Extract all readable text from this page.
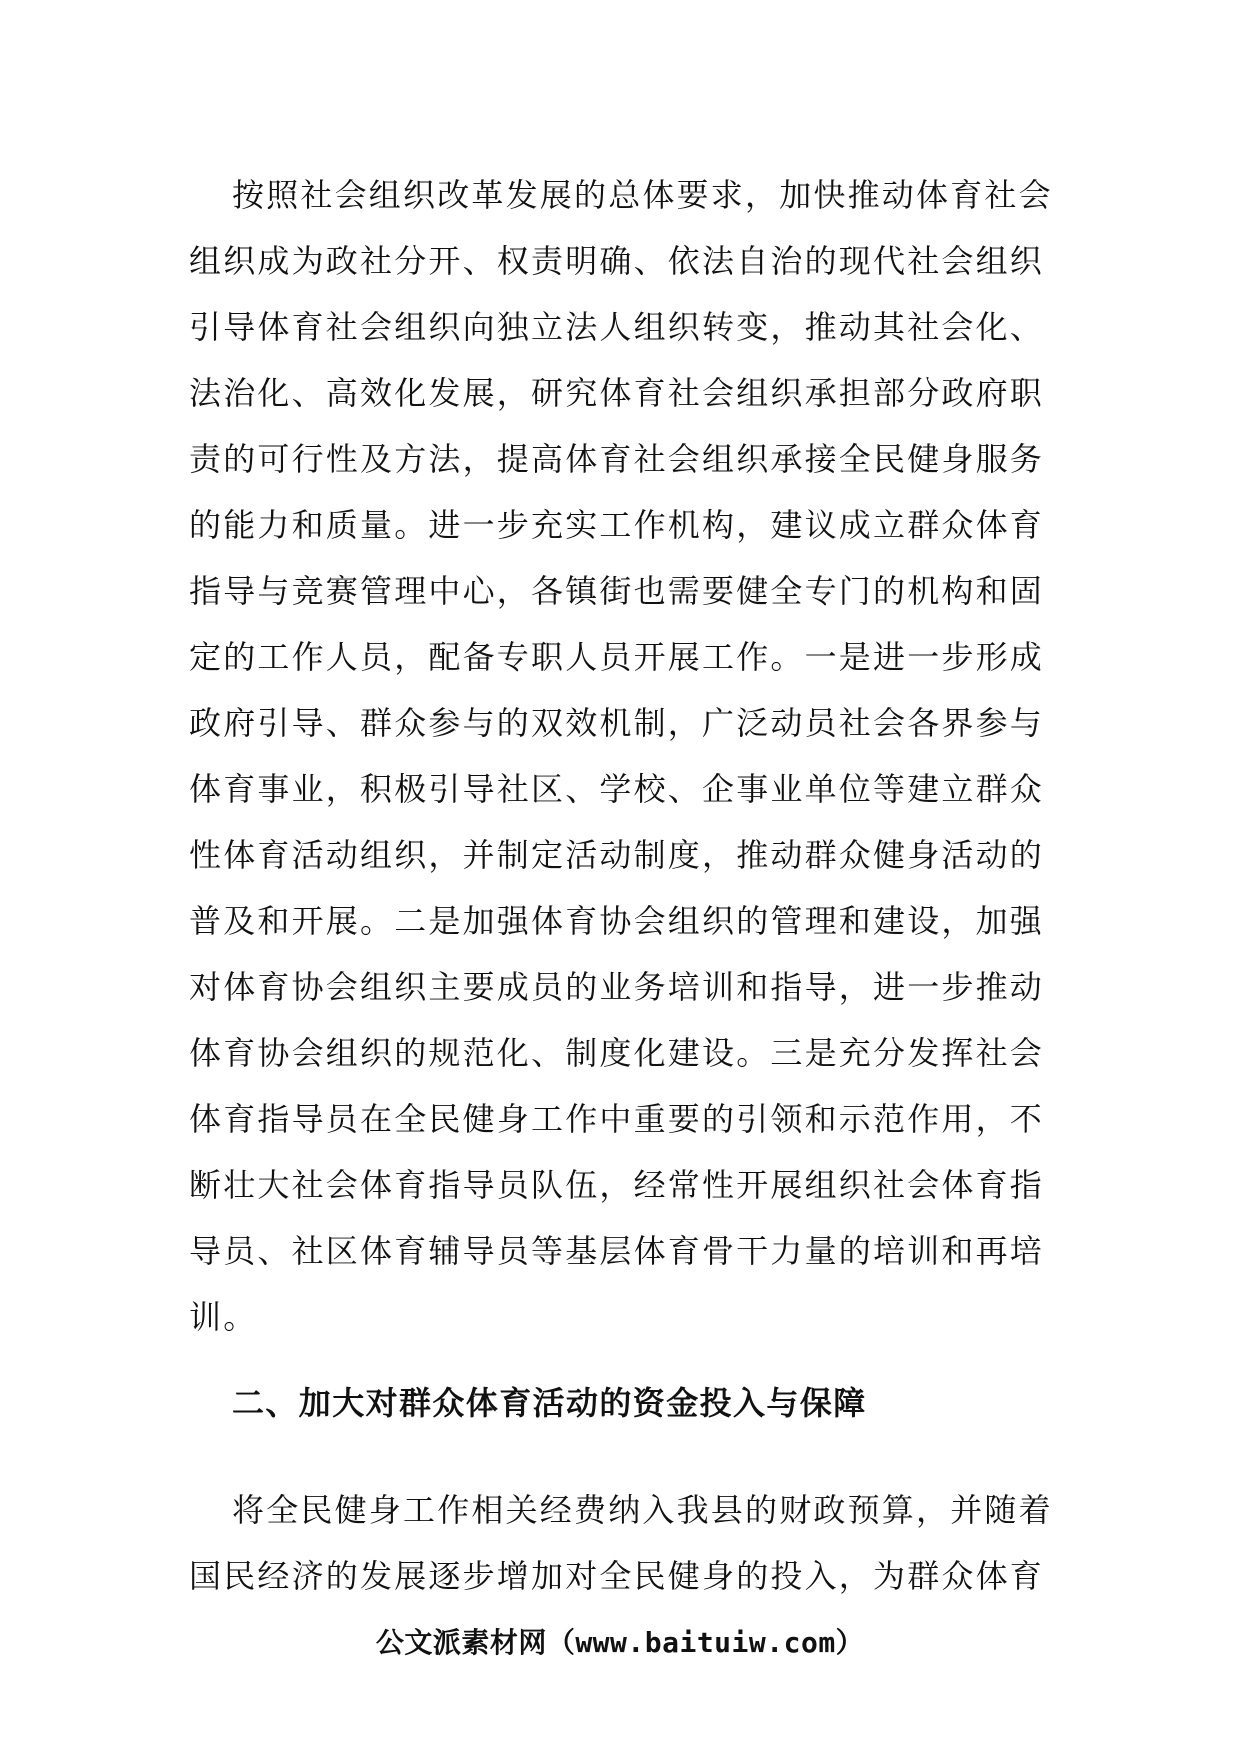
按照社会组织改革发展的总体要求，加快推动体育社会
组织成为政社分开、权责明确、依法自治的现代社会组织
引导体育社会组织向独立法人组织转变，推动其社会化、
法治化、高效化发展，研究体育社会组织承担部分政府职
责的可行性及方法，提高体育社会组织承接全民健身服务
的能力和质量。进一步充实工作机构，建议成立群众体育
指导与竞赛管理中心，各镇街也需要健全专门的机构和固
定的工作人员，配备专职人员开展工作。一是进一步形成
政府引导、群众参与的双效机制，广泛动员社会各界参与
体育事业，积极引导社区、学校、企事业单位等建立群众
性体育活动组织，并制定活动制度，推动群众健身活动的
普及和开展。二是加强体育协会组织的管理和建设，加强
对体育协会组织主要成员的业务培训和指导，进一步推动
体育协会组织的规范化、制度化建设。三是充分发挥社会
体育指导员在全民健身工作中重要的引领和示范作用，不
断壮大社会体育指导员队伍，经常性开展组织社会体育指
导员、社区体育辅导员等基层体育骨干力量的培训和再培
训。
二、加大对群众体育活动的资金投入与保障
将全民健身工作相关经费纳入我县的财政预算，并随着
国民经济的发展逐步增加对全民健身的投入，为群众体育
公文派素材网（www.baituiw.com）
